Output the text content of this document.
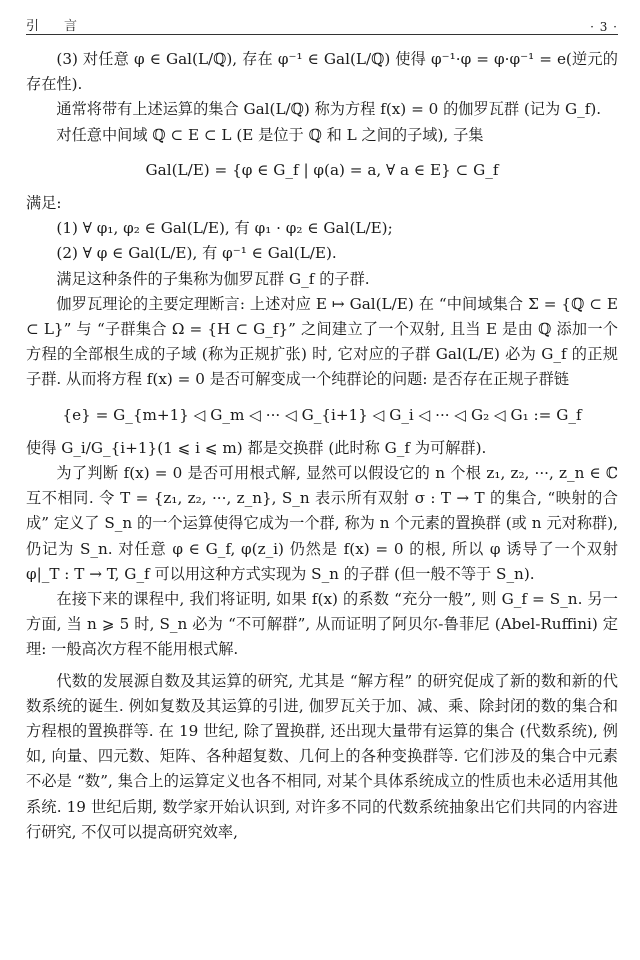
引　言	· 3 ·

(3) 对任意 φ ∈ Gal(L/ℚ), 存在 φ⁻¹ ∈ Gal(L/ℚ) 使得 φ⁻¹·φ = φ·φ⁻¹ = e(逆元的存在性).

通常将带有上述运算的集合 Gal(L/ℚ) 称为方程 f(x) = 0 的伽罗瓦群 (记为 G_f).

对任意中间域 ℚ ⊂ E ⊂ L (E 是位于 ℚ 和 L 之间的子域), 子集

Gal(L/E) = {φ ∈ G_f | φ(a) = a, ∀ a ∈ E} ⊂ G_f

满足:

(1) ∀ φ₁, φ₂ ∈ Gal(L/E), 有 φ₁ · φ₂ ∈ Gal(L/E);

(2) ∀ φ ∈ Gal(L/E), 有 φ⁻¹ ∈ Gal(L/E).

满足这种条件的子集称为伽罗瓦群 G_f 的子群.

伽罗瓦理论的主要定理断言: 上述对应 E ↦ Gal(L/E) 在 “中间域集合 Σ = {ℚ ⊂ E ⊂ L}” 与 “子群集合 Ω = {H ⊂ G_f}” 之间建立了一个双射, 且当 E 是由 ℚ 添加一个方程的全部根生成的子域 (称为正规扩张) 时, 它对应的子群 Gal(L/E) 必为 G_f 的正规子群. 从而将方程 f(x) = 0 是否可解变成一个纯群论的问题: 是否存在正规子群链

{e} = G_{m+1} ◁ G_m ◁ ··· ◁ G_{i+1} ◁ G_i ◁ ··· ◁ G₂ ◁ G₁ := G_f

使得 G_i/G_{i+1}(1 ⩽ i ⩽ m) 都是交换群 (此时称 G_f 为可解群).

为了判断 f(x) = 0 是否可用根式解, 显然可以假设它的 n 个根 z₁, z₂, ···, z_n ∈ ℂ 互不相同. 令 T = {z₁, z₂, ···, z_n}, S_n 表示所有双射 σ : T → T 的集合, “映射的合成” 定义了 S_n 的一个运算使得它成为一个群, 称为 n 个元素的置换群 (或 n 元对称群), 仍记为 S_n. 对任意 φ ∈ G_f, φ(z_i) 仍然是 f(x) = 0 的根, 所以 φ 诱导了一个双射 φ|_T : T → T, G_f 可以用这种方式实现为 S_n 的子群 (但一般不等于 S_n).

在接下来的课程中, 我们将证明, 如果 f(x) 的系数 “充分一般”, 则 G_f = S_n. 另一方面, 当 n ⩾ 5 时, S_n 必为 “不可解群”, 从而证明了阿贝尔-鲁菲尼 (Abel-Ruffini) 定理: 一般高次方程不能用根式解.

代数的发展源自数及其运算的研究, 尤其是 “解方程” 的研究促成了新的数和新的代数系统的诞生. 例如复数及其运算的引进, 伽罗瓦关于加、减、乘、除封闭的数的集合和方程根的置换群等. 在 19 世纪, 除了置换群, 还出现大量带有运算的集合 (代数系统), 例如, 向量、四元数、矩阵、各种超复数、几何上的各种变换群等. 它们涉及的集合中元素不必是 “数”, 集合上的运算定义也各不相同, 对某个具体系统成立的性质也未必适用其他系统. 19 世纪后期, 数学家开始认识到, 对许多不同的代数系统抽象出它们共同的内容进行研究, 不仅可以提高研究效率,
